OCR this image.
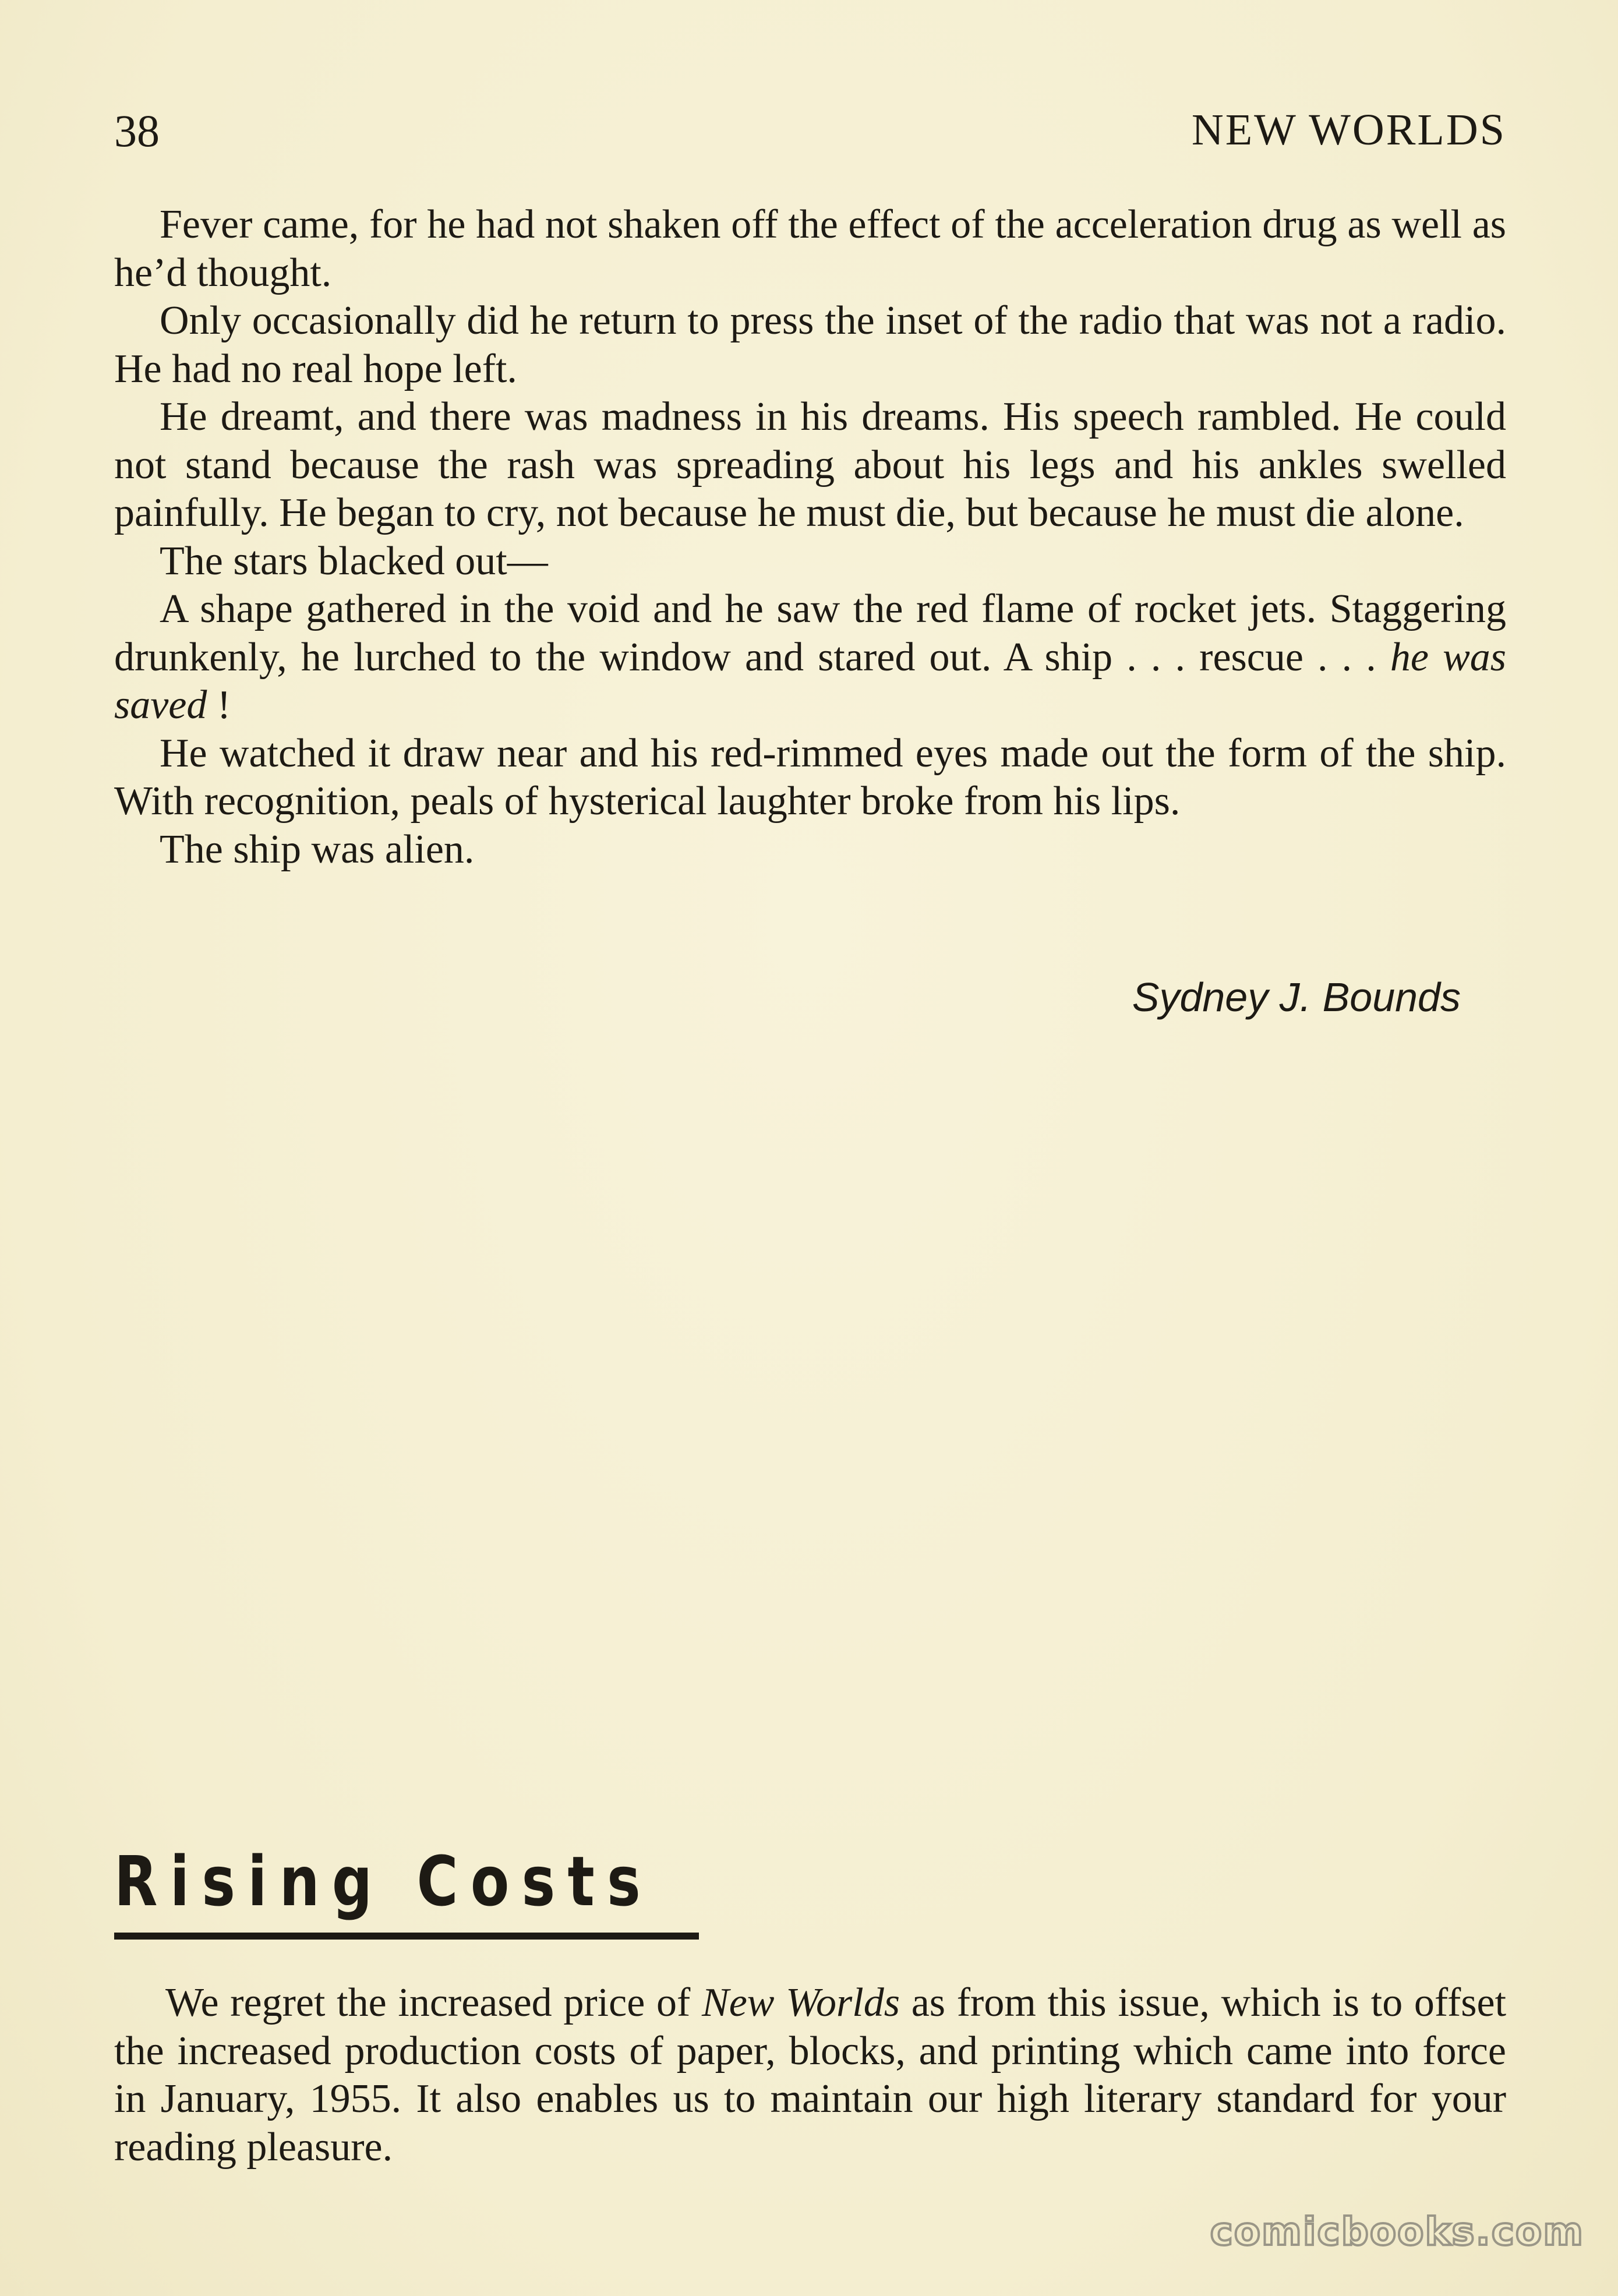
38	NEW WORLDS

Fever came, for he had not shaken off the effect of the acceleration drug as well as he’d thought.

Only occasionally did he return to press the inset of the radio that was not a radio. He had no real hope left.

He dreamt, and there was madness in his dreams. His speech rambled. He could not stand because the rash was spreading about his legs and his ankles swelled painfully. He began to cry, not because he must die, but because he must die alone.

The stars blacked out—

A shape gathered in the void and he saw the red flame of rocket jets. Staggering drunkenly, he lurched to the window and stared out. A ship . . . rescue . . . he was saved !

He watched it draw near and his red-rimmed eyes made out the form of the ship. With recognition, peals of hysterical laughter broke from his lips.

The ship was alien.

Sydney J. Bounds
Rising Costs

We regret the increased price of New Worlds as from this issue, which is to offset the increased production costs of paper, blocks, and printing which came into force in January, 1955. It also enables us to maintain our high literary standard for your reading pleasure.

comicbooks.com
